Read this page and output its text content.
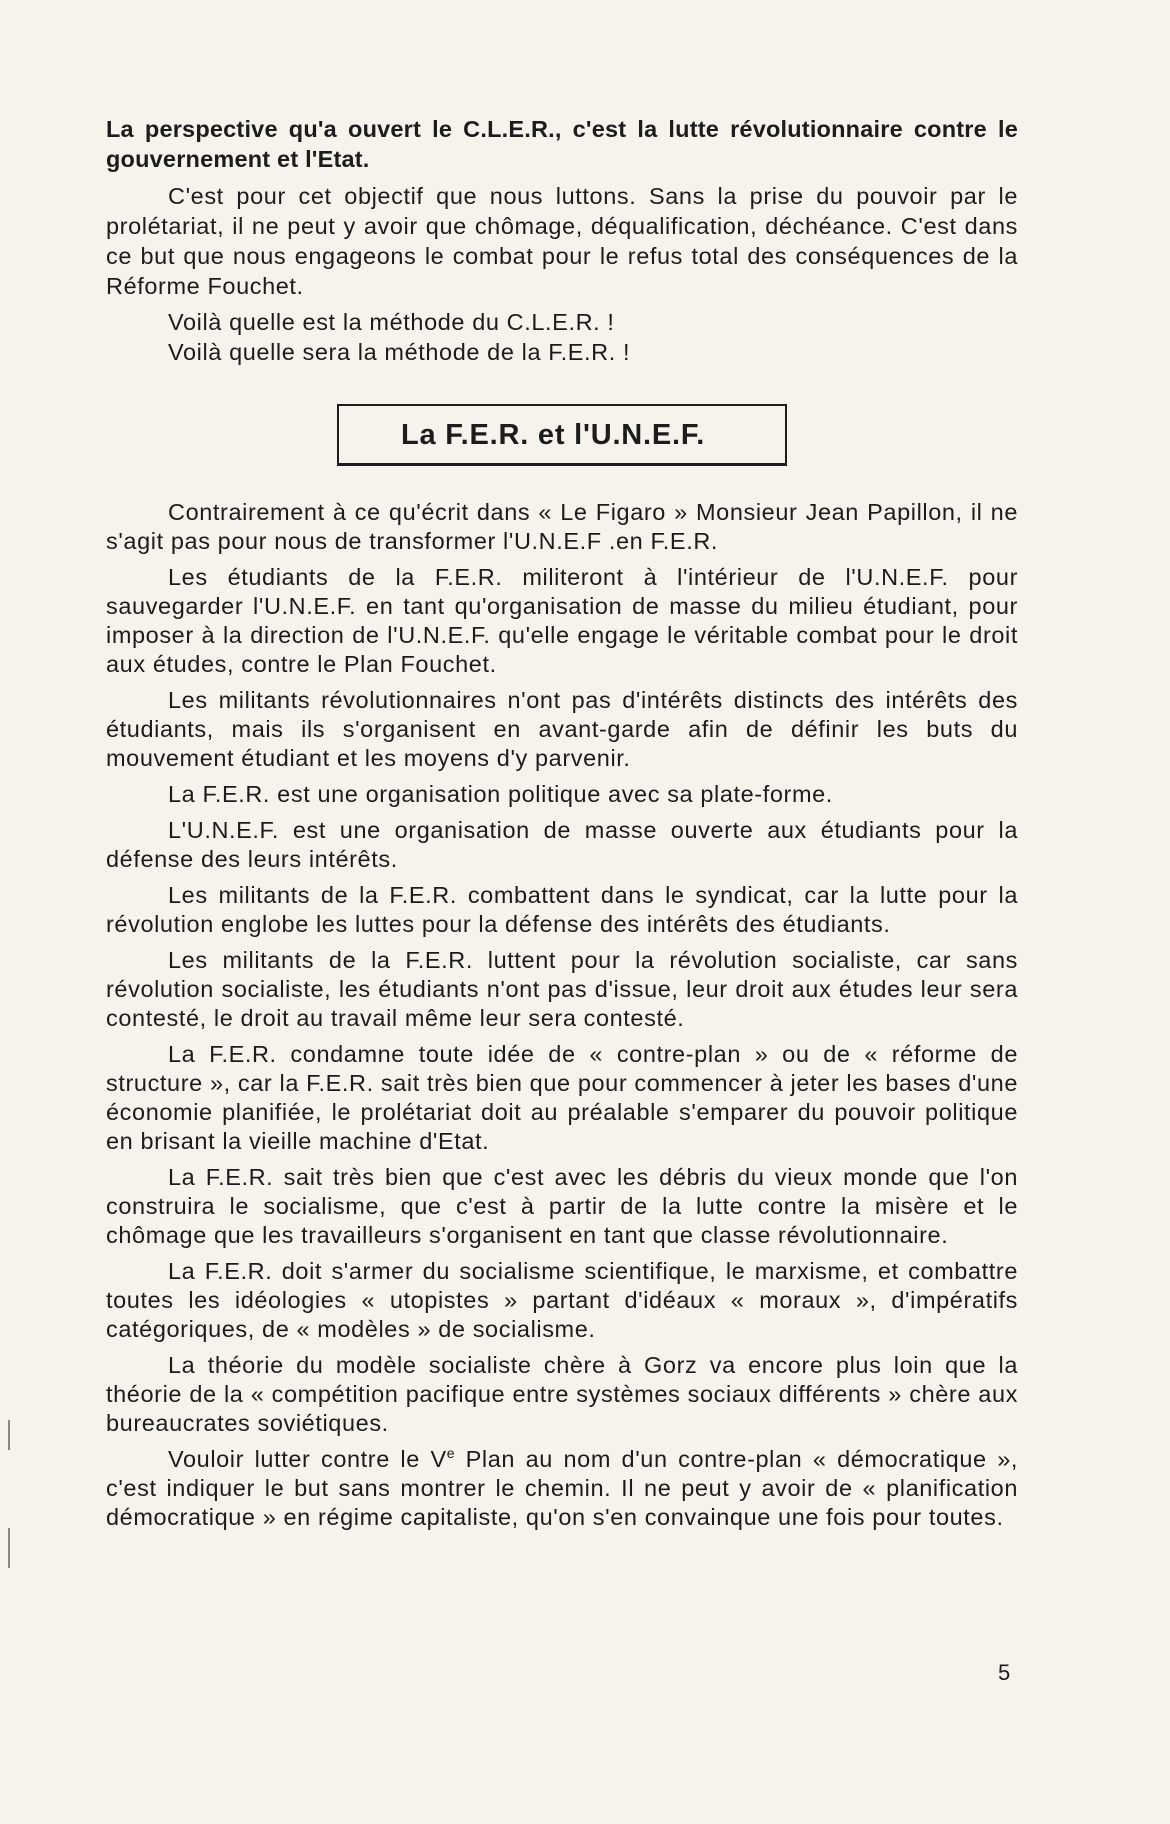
La perspective qu'a ouvert le C.L.E.R., c'est la lutte révolutionnaire contre le gouvernement et l'Etat.

C'est pour cet objectif que nous luttons. Sans la prise du pouvoir par le prolétariat, il ne peut y avoir que chômage, déqualification, déchéance. C'est dans ce but que nous engageons le combat pour le refus total des conséquences de la Réforme Fouchet.

Voilà quelle est la méthode du C.L.E.R. !

Voilà quelle sera la méthode de la F.E.R. !

La F.E.R. et l'U.N.E.F.

Contrairement à ce qu'écrit dans « Le Figaro » Monsieur Jean Papillon, il ne s'agit pas pour nous de transformer l'U.N.E.F .en F.E.R.

Les étudiants de la F.E.R. militeront à l'intérieur de l'U.N.E.F. pour sauvegarder l'U.N.E.F. en tant qu'organisation de masse du milieu étudiant, pour imposer à la direction de l'U.N.E.F. qu'elle engage le véritable combat pour le droit aux études, contre le Plan Fouchet.

Les militants révolutionnaires n'ont pas d'intérêts distincts des intérêts des étudiants, mais ils s'organisent en avant-garde afin de définir les buts du mouvement étudiant et les moyens d'y parvenir.

La F.E.R. est une organisation politique avec sa plate-forme.

L'U.N.E.F. est une organisation de masse ouverte aux étudiants pour la défense des leurs intérêts.

Les militants de la F.E.R. combattent dans le syndicat, car la lutte pour la révolution englobe les luttes pour la défense des intérêts des étudiants.

Les militants de la F.E.R. luttent pour la révolution socialiste, car sans révolution socialiste, les étudiants n'ont pas d'issue, leur droit aux études leur sera contesté, le droit au travail même leur sera contesté.

La F.E.R. condamne toute idée de « contre-plan » ou de « réforme de structure », car la F.E.R. sait très bien que pour commencer à jeter les bases d'une économie planifiée, le prolétariat doit au préalable s'emparer du pouvoir politique en brisant la vieille machine d'Etat.

La F.E.R. sait très bien que c'est avec les débris du vieux monde que l'on construira le socialisme, que c'est à partir de la lutte contre la misère et le chômage que les travailleurs s'organisent en tant que classe révolutionnaire.

La F.E.R. doit s'armer du socialisme scientifique, le marxisme, et combattre toutes les idéologies « utopistes » partant d'idéaux « moraux », d'impératifs catégoriques, de « modèles » de socialisme.

La théorie du modèle socialiste chère à Gorz va encore plus loin que la théorie de la « compétition pacifique entre systèmes sociaux différents » chère aux bureaucrates soviétiques.

Vouloir lutter contre le Ve Plan au nom d'un contre-plan « démocratique », c'est indiquer le but sans montrer le chemin. Il ne peut y avoir de « planification démocratique » en régime capitaliste, qu'on s'en convainque une fois pour toutes.

5
